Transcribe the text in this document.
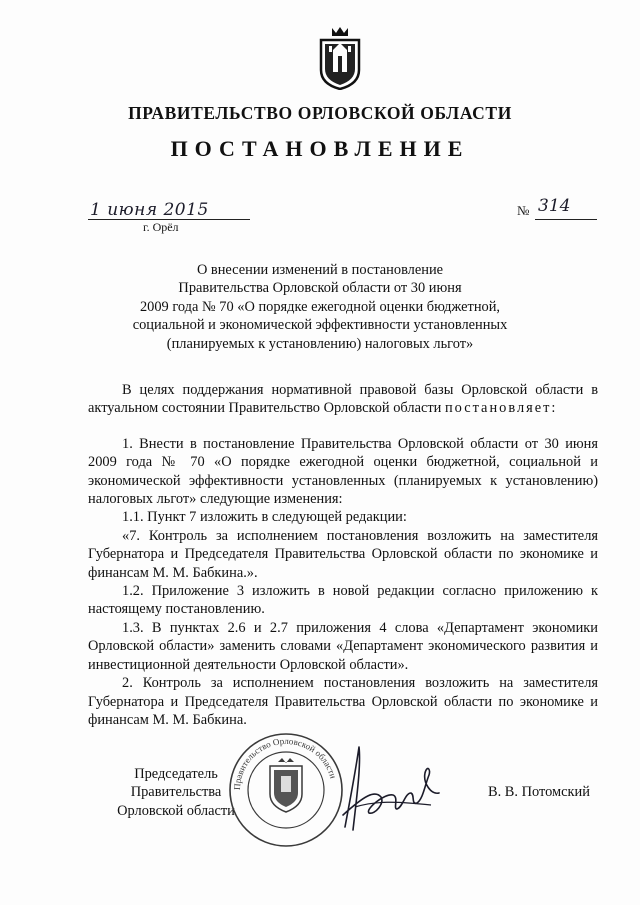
ПРАВИТЕЛЬСТВО ОРЛОВСКОЙ ОБЛАСТИ
ПОСТАНОВЛЕНИЕ
1 июня 2015
г. Орёл
№ 314
О внесении изменений в постановление
Правительства Орловской области от 30 июня
2009 года № 70 «О порядке ежегодной оценки бюджетной,
социальной и экономической эффективности установленных
(планируемых к установлению) налоговых льгот»

В целях поддержания нормативной правовой базы Орловской области в актуальном состоянии Правительство Орловской области постановляет:

1. Внести в постановление Правительства Орловской области от 30 июня 2009 года № 70 «О порядке ежегодной оценки бюджетной, социальной и экономической эффективности установленных (планируемых к установлению) налоговых льгот» следующие изменения:

1.1. Пункт 7 изложить в следующей редакции:

«7. Контроль за исполнением постановления возложить на заместителя Губернатора и Председателя Правительства Орловской области по экономике и финансам М. М. Бабкина.».

1.2. Приложение 3 изложить в новой редакции согласно приложению к настоящему постановлению.

1.3. В пунктах 2.6 и 2.7 приложения 4 слова «Департамент экономики Орловской области» заменить словами «Департамент экономического развития и инвестиционной деятельности Орловской области».

2. Контроль за исполнением постановления возложить на заместителя Губернатора и Председателя Правительства Орловской области по экономике и финансам М. М. Бабкина.

Председатель Правительства
Орловской области
Правительство Орловской области
В. В. Потомский
